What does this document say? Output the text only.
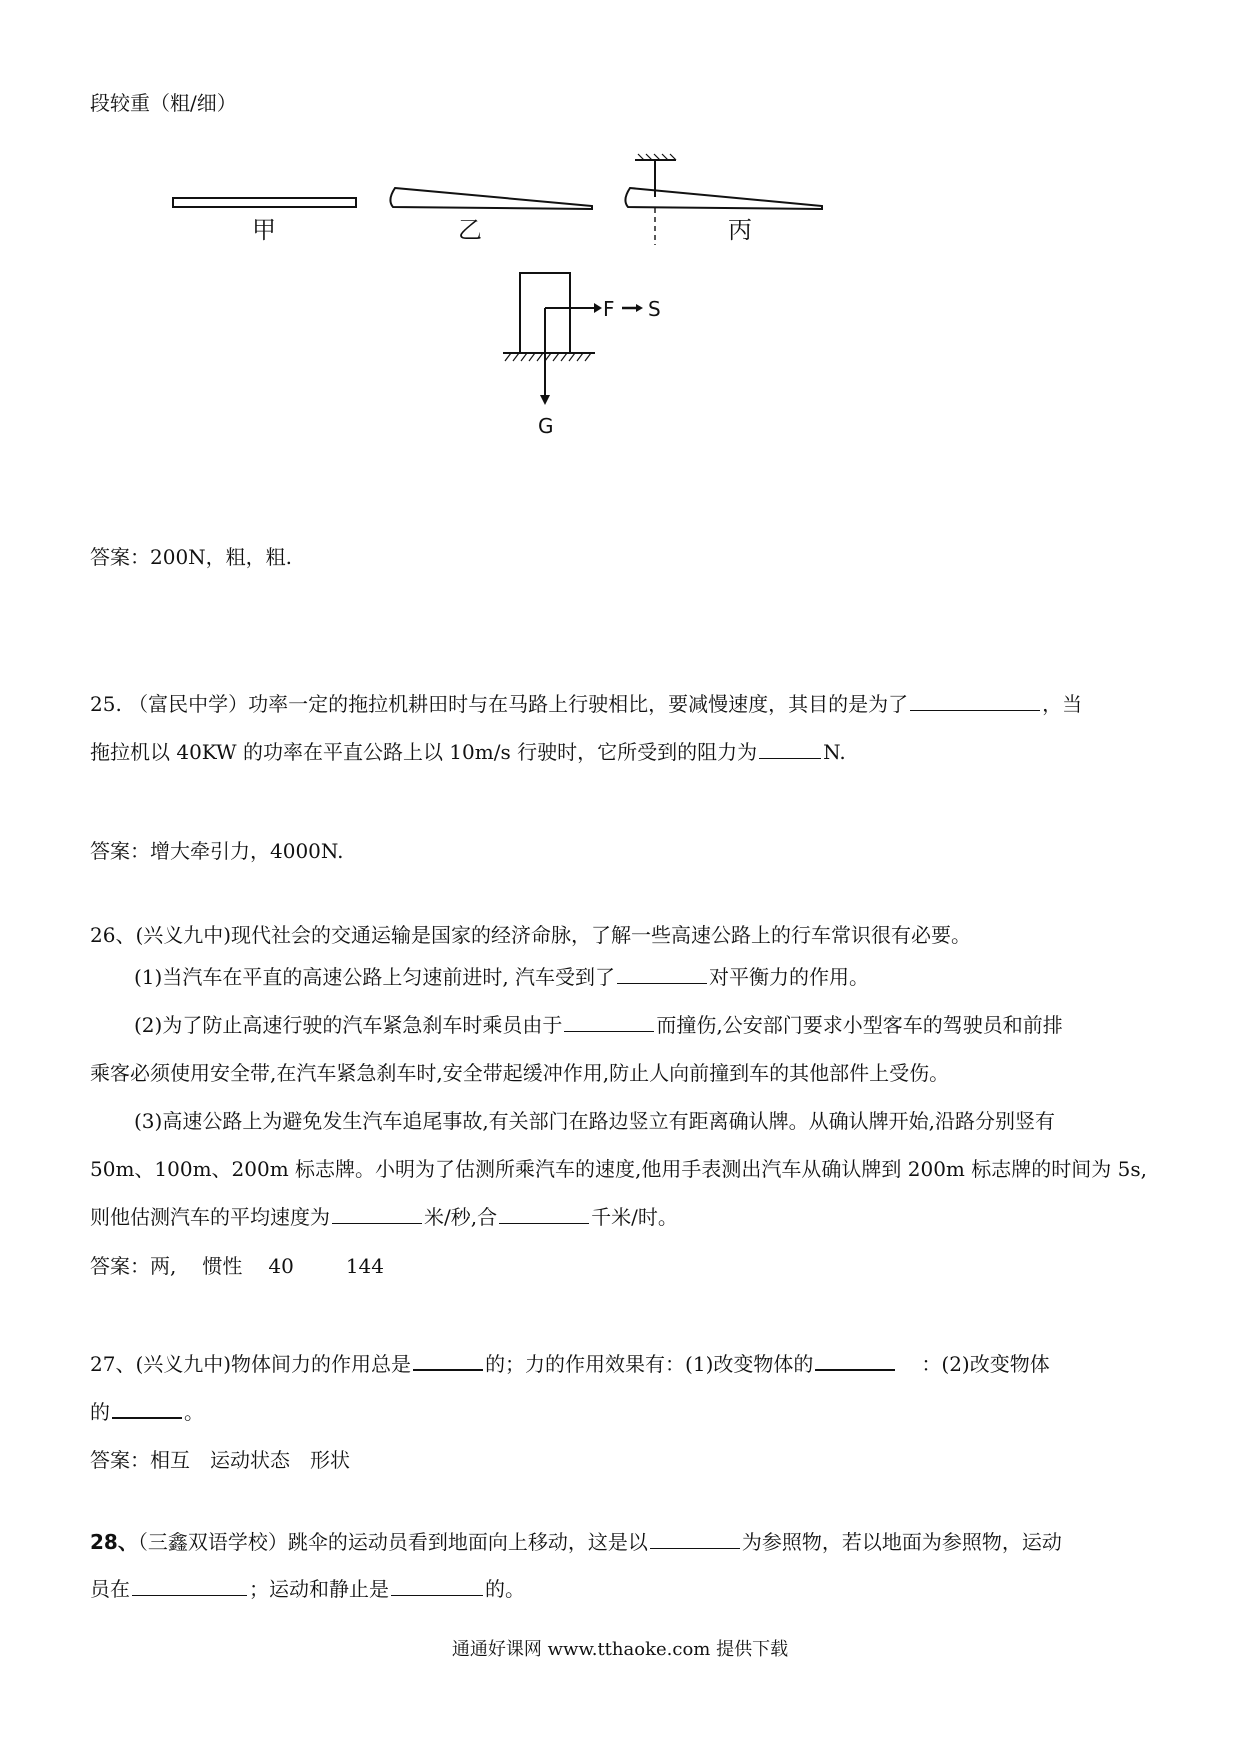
段较重（粗/细）
甲	乙	丙
F S
G
答案：200N，粗，粗.
25. （富民中学）功率一定的拖拉机耕田时与在马路上行驶相比，要减慢速度，其目的是为了	，当
拖拉机以 40KW 的功率在平直公路上以 10m/s 行驶时，它所受到的阻力为	N.
答案：增大牵引力，4000N.
26、(兴义九中)现代社会的交通运输是国家的经济命脉，了解一些高速公路上的行车常识很有必要。
(1)当汽车在平直的高速公路上匀速前进时, 汽车受到了	对平衡力的作用。
(2)为了防止高速行驶的汽车紧急刹车时乘员由于	而撞伤,公安部门要求小型客车的驾驶员和前排
乘客必须使用安全带,在汽车紧急刹车时,安全带起缓冲作用,防止人向前撞到车的其他部件上受伤。
(3)高速公路上为避免发生汽车追尾事故,有关部门在路边竖立有距离确认牌。从确认牌开始,沿路分别竖有
50m、100m、200m 标志牌。小明为了估测所乘汽车的速度,他用手表测出汽车从确认牌到 200m 标志牌的时间为 5s,
则他估测汽车的平均速度为	米/秒,合	千米/时。
答案：两, 惯性 40	144
27、(兴义九中)物体间力的作用总是	的；力的作用效果有：(1)改变物体的	：(2)改变物体
的	。
答案：相互 运动状态 形状
28、（三鑫双语学校）跳伞的运动员看到地面向上移动，这是以	为参照物，若以地面为参照物，运动
员在	；运动和静止是	的。
通通好课网 www.tthaoke.com 提供下载
